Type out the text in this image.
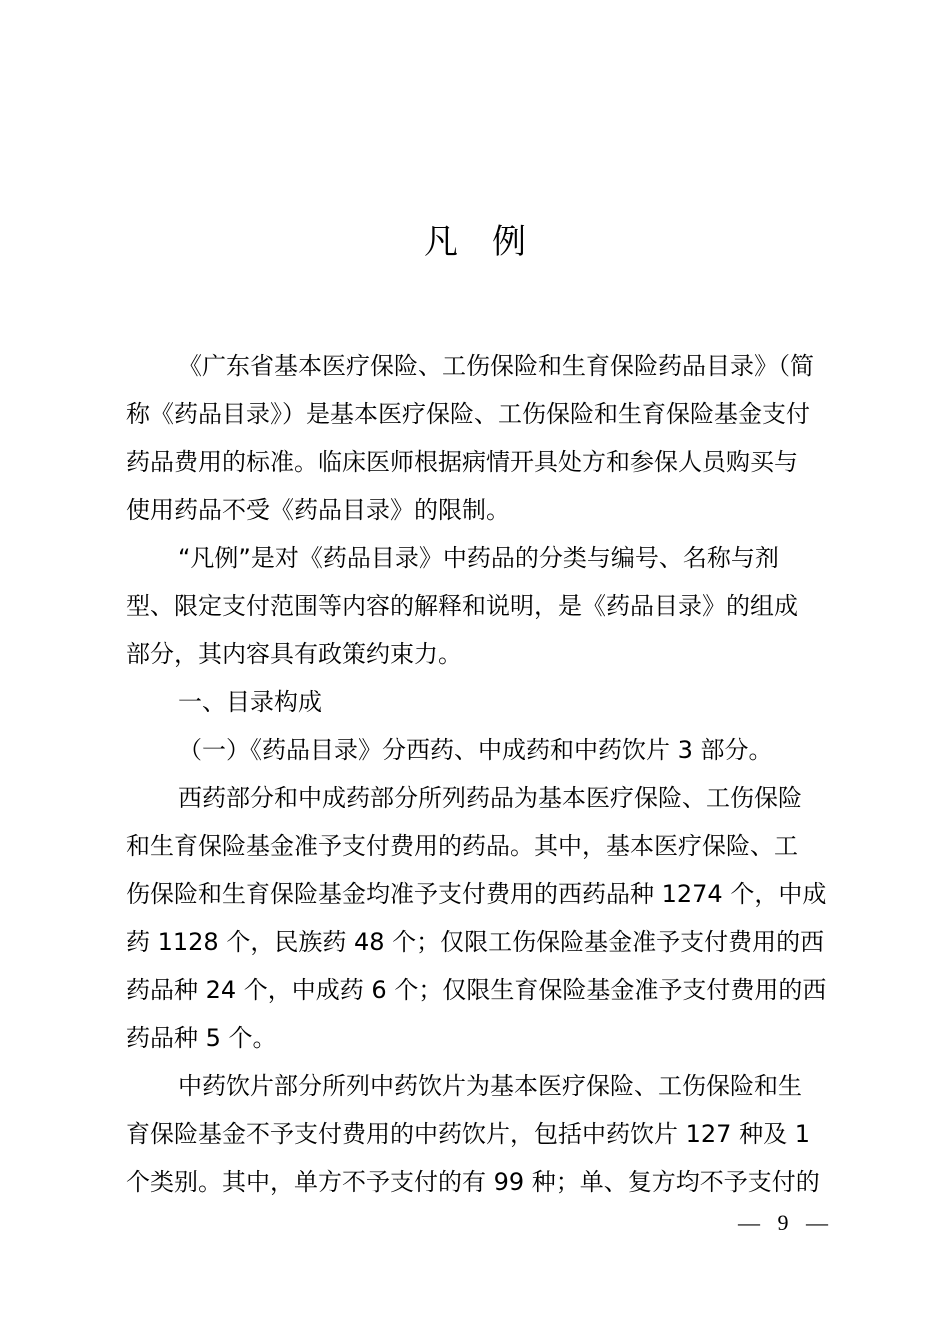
凡例

《广东省基本医疗保险、工伤保险和生育保险药品目录》（简
称《药品目录》）是基本医疗保险、工伤保险和生育保险基金支付
药品费用的标准。临床医师根据病情开具处方和参保人员购买与
使用药品不受《药品目录》的限制。

“凡例”是对《药品目录》中药品的分类与编号、名称与剂
型、限定支付范围等内容的解释和说明，是《药品目录》的组成
部分，其内容具有政策约束力。

一、目录构成

（一）《药品目录》分西药、中成药和中药饮片 3 部分。

西药部分和中成药部分所列药品为基本医疗保险、工伤保险
和生育保险基金准予支付费用的药品。其中，基本医疗保险、工
伤保险和生育保险基金均准予支付费用的西药品种 1274 个，中成
药 1128 个，民族药 48 个；仅限工伤保险基金准予支付费用的西
药品种 24 个，中成药 6 个；仅限生育保险基金准予支付费用的西
药品种 5 个。

中药饮片部分所列中药饮片为基本医疗保险、工伤保险和生
育保险基金不予支付费用的中药饮片，包括中药饮片 127 种及 1
个类别。其中，单方不予支付的有 99 种；单、复方均不予支付的

— 9 —
